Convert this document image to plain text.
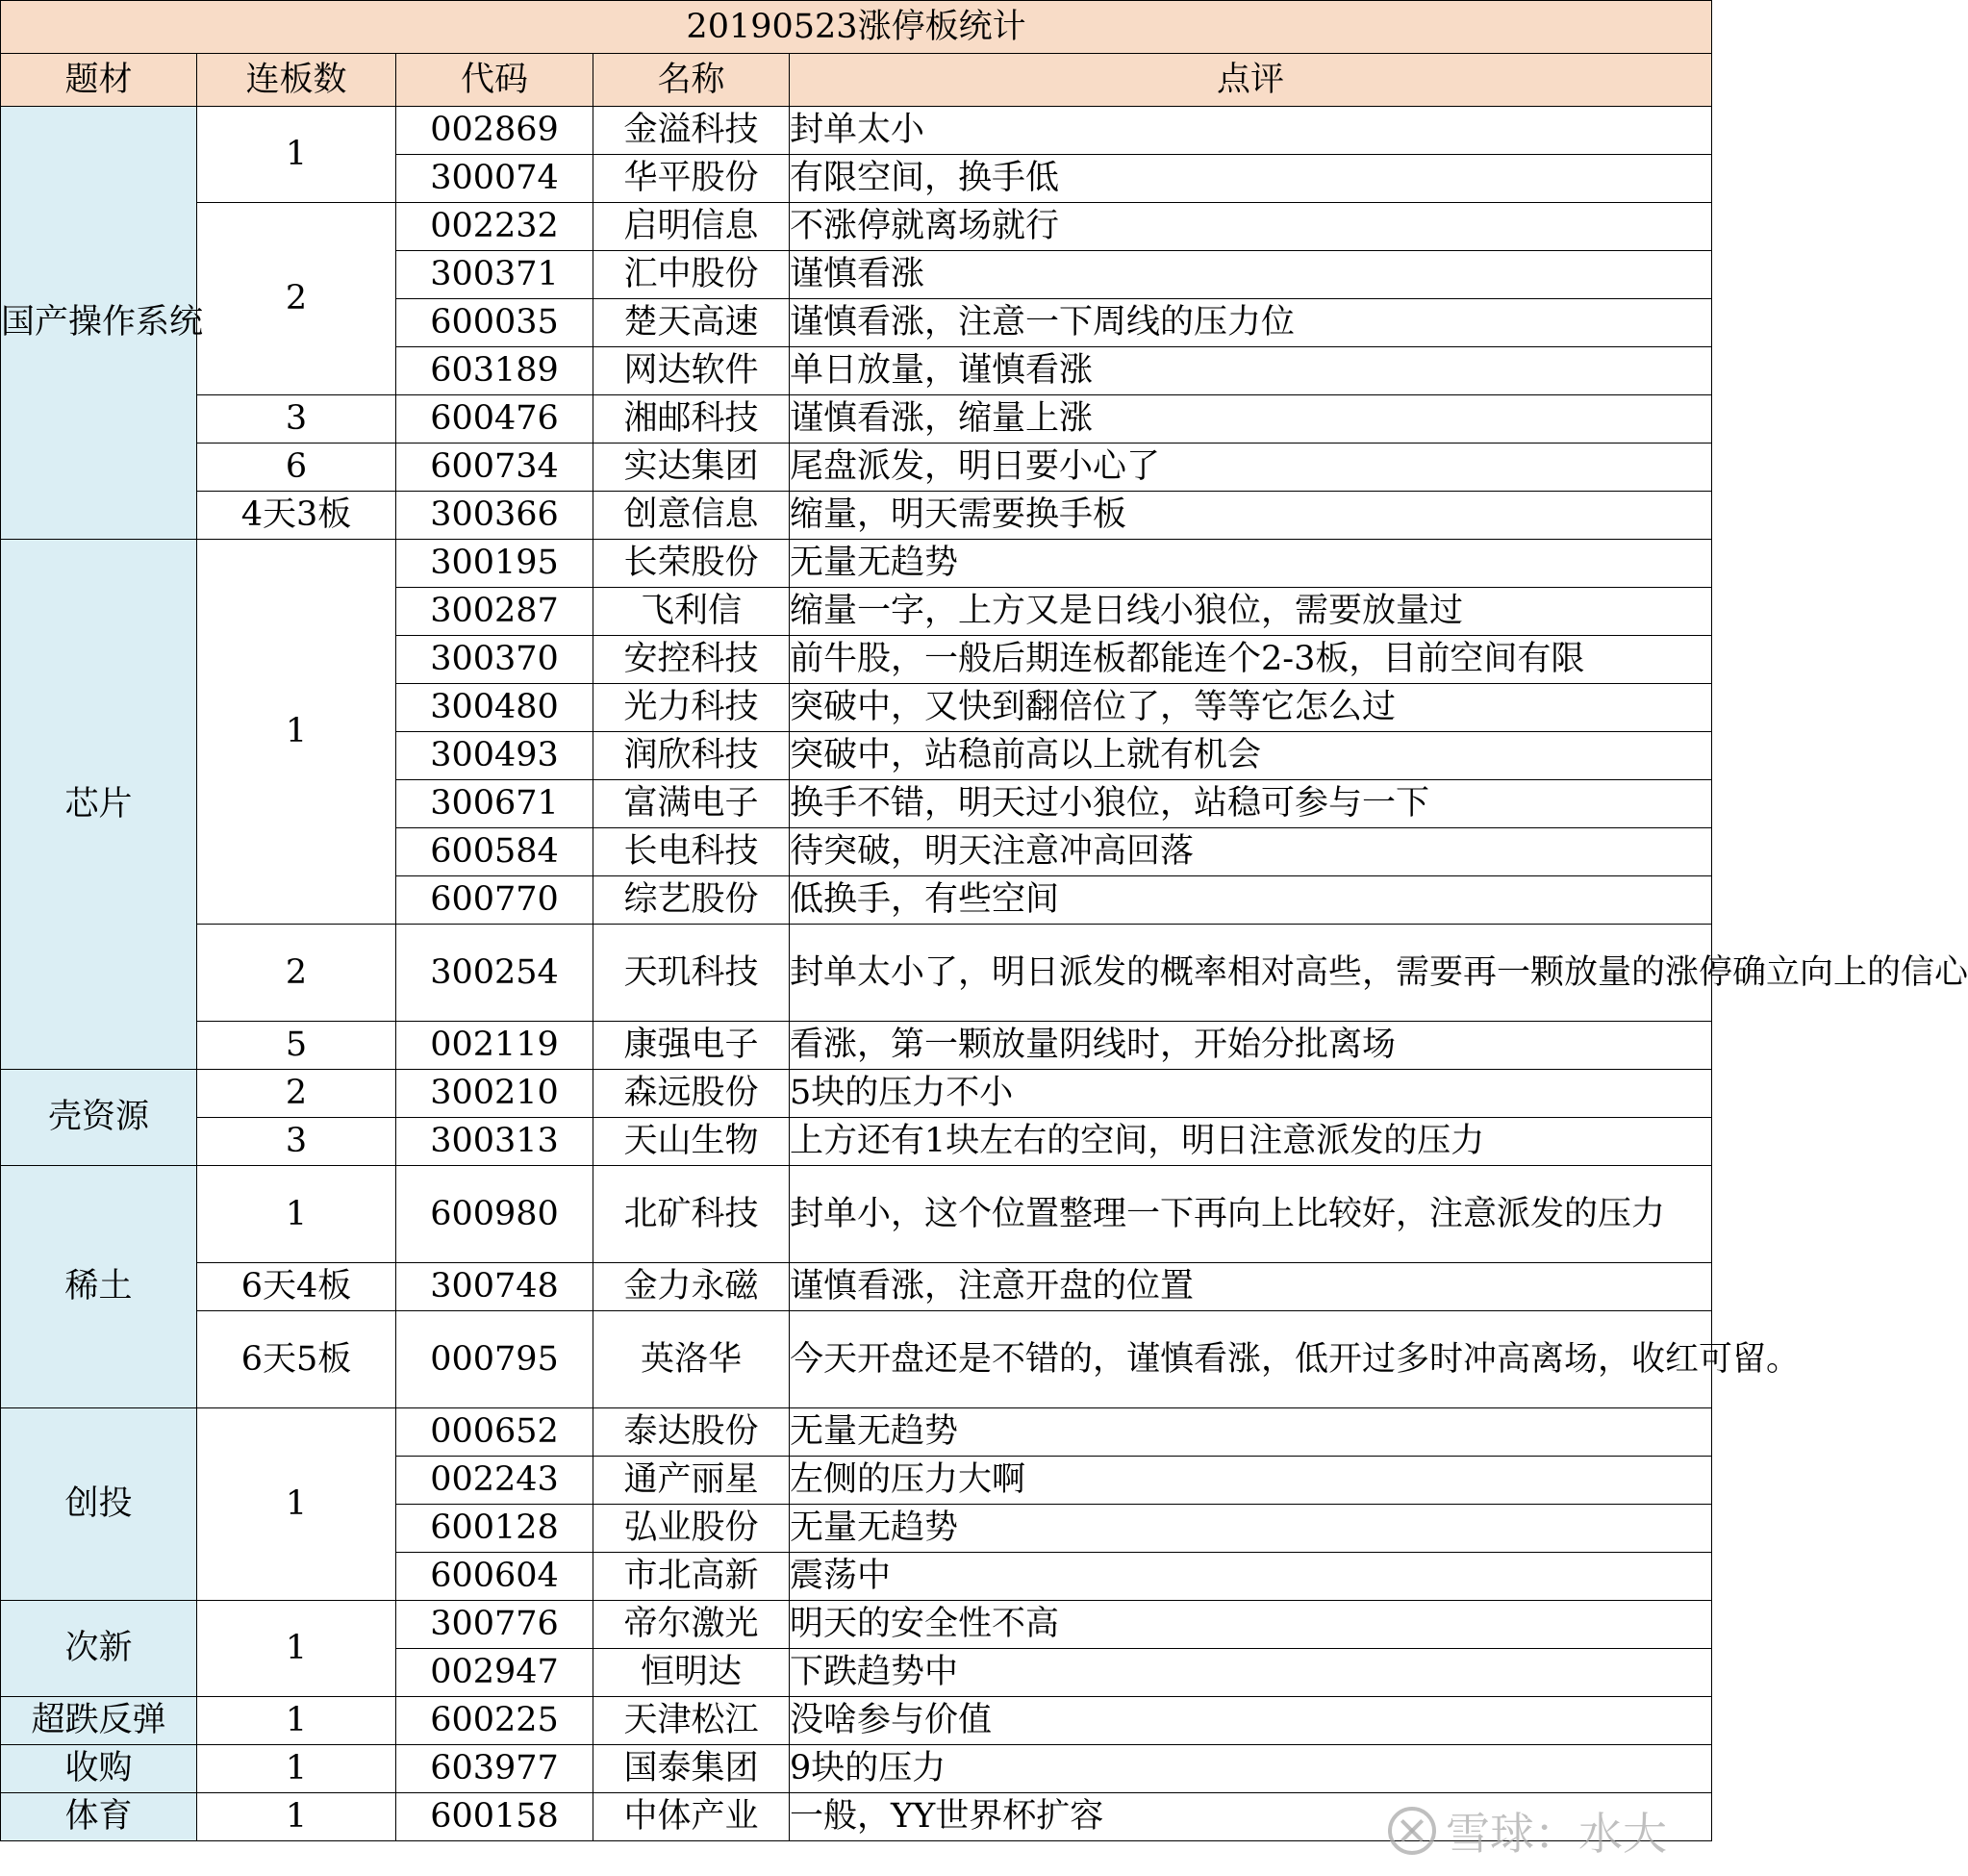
20190523涨停板统计				
题材	连板数	代码	名称	点评
国产操作系统	1	002869	金溢科技	封单太小
		300074	华平股份	有限空间，换手低
	2	002232	启明信息	不涨停就离场就行
		300371	汇中股份	谨慎看涨
		600035	楚天高速	谨慎看涨，注意一下周线的压力位
		603189	网达软件	单日放量，谨慎看涨
	3	600476	湘邮科技	谨慎看涨，缩量上涨
	6	600734	实达集团	尾盘派发，明日要小心了
	4天3板	300366	创意信息	缩量，明天需要换手板
芯片	1	300195	长荣股份	无量无趋势
		300287	飞利信	缩量一字，上方又是日线小狼位，需要放量过
		300370	安控科技	前牛股，一般后期连板都能连个2-3板，目前空间有限
		300480	光力科技	突破中，又快到翻倍位了，等等它怎么过
		300493	润欣科技	突破中，站稳前高以上就有机会
		300671	富满电子	换手不错，明天过小狼位，站稳可参与一下
		600584	长电科技	待突破，明天注意冲高回落
		600770	综艺股份	低换手，有些空间
	2	300254	天玑科技	封单太小了，明日派发的概率相对高些，需要再一颗放量的涨停确立向上的信心
	5	002119	康强电子	看涨，第一颗放量阴线时，开始分批离场
壳资源	2	300210	森远股份	5块的压力不小
	3	300313	天山生物	上方还有1块左右的空间，明日注意派发的压力
稀土	1	600980	北矿科技	封单小，这个位置整理一下再向上比较好，注意派发的压力
	6天4板	300748	金力永磁	谨慎看涨，注意开盘的位置
	6天5板	000795	英洛华	今天开盘还是不错的，谨慎看涨，低开过多时冲高离场，收红可留。
创投	1	000652	泰达股份	无量无趋势
		002243	通产丽星	左侧的压力大啊
		600128	弘业股份	无量无趋势
		600604	市北高新	震荡中
次新	1	300776	帝尔激光	明天的安全性不高
		002947	恒明达	下跌趋势中
超跌反弹	1	600225	天津松江	没啥参与价值
收购	1	603977	国泰集团	9块的压力
体育	1	600158	中体产业	一般，YY世界杯扩容	雪球：水大
